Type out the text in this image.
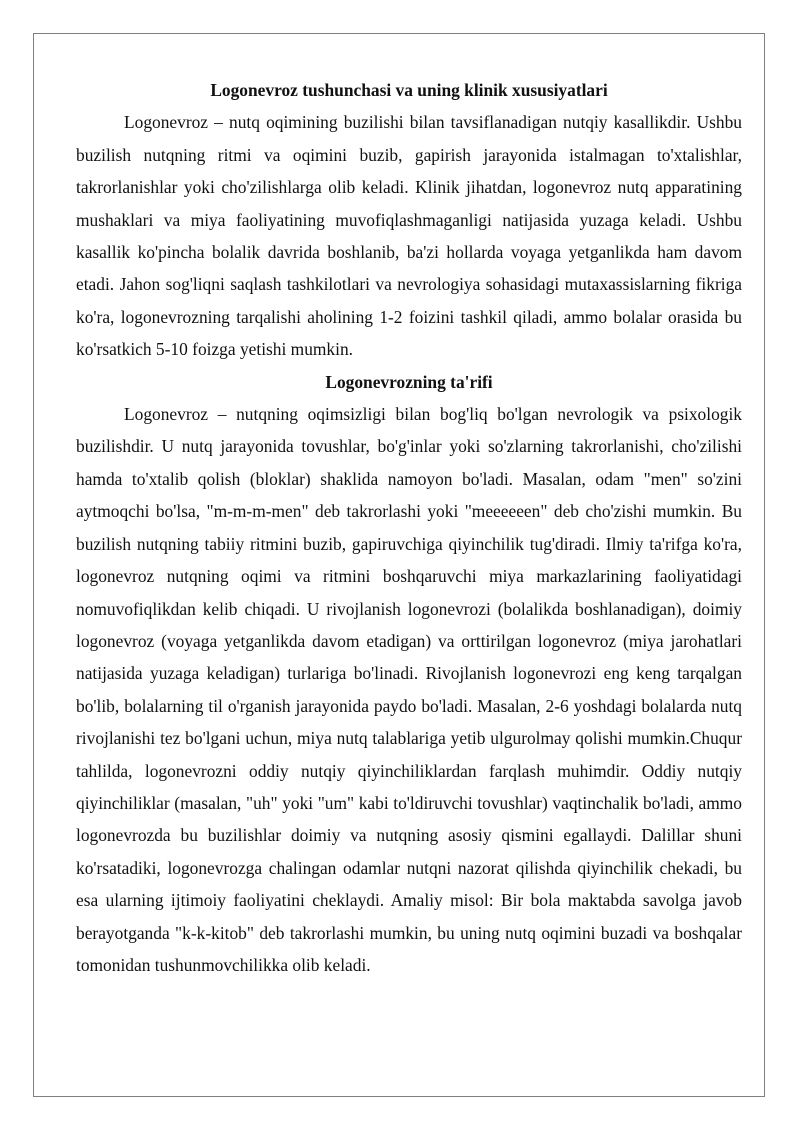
Logonevroz tushunchasi va uning klinik xususiyatlari

Logonevroz – nutq oqimining buzilishi bilan tavsiflanadigan nutqiy kasallikdir. Ushbu buzilish nutqning ritmi va oqimini buzib, gapirish jarayonida istalmagan to'xtalishlar, takrorlanishlar yoki cho'zilishlarga olib keladi. Klinik jihatdan, logonevroz nutq apparatining mushaklari va miya faoliyatining muvofiqlashmaganligi natijasida yuzaga keladi. Ushbu kasallik ko'pincha bolalik davrida boshlanib, ba'zi hollarda voyaga yetganlikda ham davom etadi. Jahon sog'liqni saqlash tashkilotlari va nevrologiya sohasidagi mutaxassislarning fikriga ko'ra, logonevrozning tarqalishi aholining 1-2 foizini tashkil qiladi, ammo bolalar orasida bu ko'rsatkich 5-10 foizga yetishi mumkin.

Logonevrozning ta'rifi

Logonevroz – nutqning oqimsizligi bilan bog'liq bo'lgan nevrologik va psixologik buzilishdir. U nutq jarayonida tovushlar, bo'g'inlar yoki so'zlarning takrorlanishi, cho'zilishi hamda to'xtalib qolish (bloklar) shaklida namoyon bo'ladi. Masalan, odam "men" so'zini aytmoqchi bo'lsa, "m-m-m-men" deb takrorlashi yoki "meeeeeen" deb cho'zishi mumkin. Bu buzilish nutqning tabiiy ritmini buzib, gapiruvchiga qiyinchilik tug'diradi. Ilmiy ta'rifga ko'ra, logonevroz nutqning oqimi va ritmini boshqaruvchi miya markazlarining faoliyatidagi nomuvofiqlikdan kelib chiqadi. U rivojlanish logonevrozi (bolalikda boshlanadigan), doimiy logonevroz (voyaga yetganlikda davom etadigan) va orttirilgan logonevroz (miya jarohatlari natijasida yuzaga keladigan) turlariga bo'linadi. Rivojlanish logonevrozi eng keng tarqalgan bo'lib, bolalarning til o'rganish jarayonida paydo bo'ladi. Masalan, 2-6 yoshdagi bolalarda nutq rivojlanishi tez bo'lgani uchun, miya nutq talablariga yetib ulgurolmay qolishi mumkin.Chuqur tahlilda, logonevrozni oddiy nutqiy qiyinchiliklardan farqlash muhimdir. Oddiy nutqiy qiyinchiliklar (masalan, "uh" yoki "um" kabi to'ldiruvchi tovushlar) vaqtinchalik bo'ladi, ammo logonevrozda bu buzilishlar doimiy va nutqning asosiy qismini egallaydi. Dalillar shuni ko'rsatadiki, logonevrozga chalingan odamlar nutqni nazorat qilishda qiyinchilik chekadi, bu esa ularning ijtimoiy faoliyatini cheklaydi. Amaliy misol: Bir bola maktabda savolga javob berayotganda "k-k-kitob" deb takrorlashi mumkin, bu uning nutq oqimini buzadi va boshqalar tomonidan tushunmovchilikka olib keladi.
